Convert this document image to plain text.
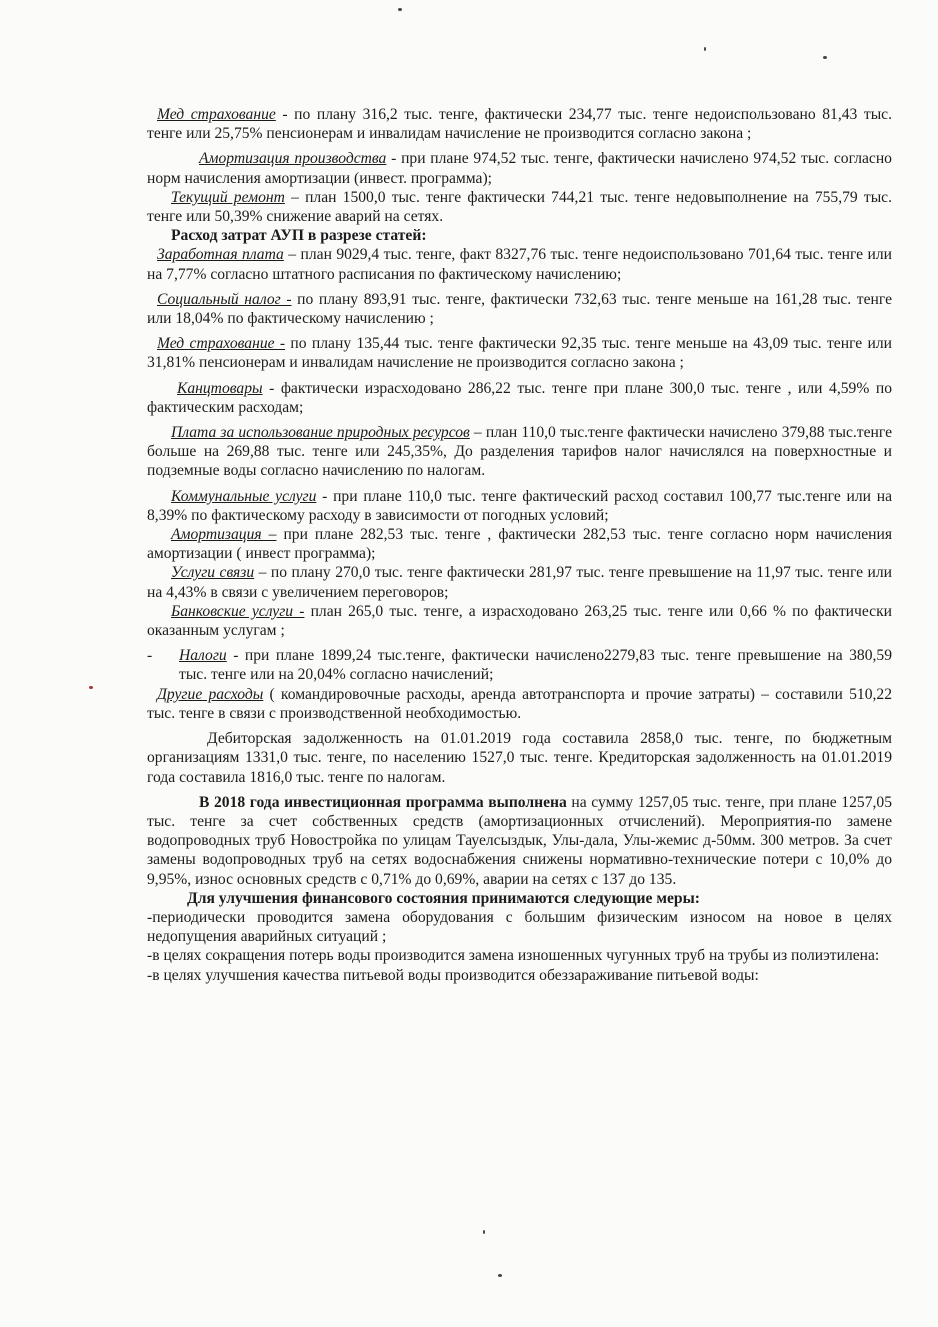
Мед страхование - по плану 316,2 тыс. тенге, фактически 234,77 тыс. тенге недоиспользовано 81,43 тыс. тенге или 25,75% пенсионерам и инвалидам начисление не производится согласно закона ;

Амортизация производства - при плане 974,52 тыс. тенге, фактически начислено 974,52 тыс. согласно норм начисления амортизации (инвест. программа);

Текущий ремонт – план 1500,0 тыс. тенге фактически 744,21 тыс. тенге недовыполнение на 755,79 тыс. тенге или 50,39% снижение аварий на сетях.

Расход затрат АУП в разрезе статей:

Заработная плата – план 9029,4 тыс. тенге, факт 8327,76 тыс. тенге недоиспользовано 701,64 тыс. тенге или на 7,77% согласно штатного расписания по фактическому начислению;

Социальный налог - по плану 893,91 тыс. тенге, фактически 732,63 тыс. тенге меньше на 161,28 тыс. тенге или 18,04% по фактическому начислению ;

Мед страхование - по плану 135,44 тыс. тенге фактически 92,35 тыс. тенге меньше на 43,09 тыс. тенге или 31,81% пенсионерам и инвалидам начисление не производится согласно закона ;

Канцтовары - фактически израсходовано 286,22 тыс. тенге при плане 300,0 тыс. тенге , или 4,59% по фактическим расходам;

Плата за использование природных ресурсов – план 110,0 тыс.тенге фактически начислено 379,88 тыс.тенге больше на 269,88 тыс. тенге или 245,35%, До разделения тарифов налог начислялся на поверхностные и подземные воды согласно начислению по налогам.

Коммунальные услуги - при плане 110,0 тыс. тенге фактический расход составил 100,77 тыс.тенге или на 8,39% по фактическому расходу в зависимости от погодных условий;

Амортизация – при плане 282,53 тыс. тенге , фактически 282,53 тыс. тенге согласно норм начисления амортизации ( инвест программа);

Услуги связи – по плану 270,0 тыс. тенге фактически 281,97 тыс. тенге превышение на 11,97 тыс. тенге или на 4,43% в связи с увеличением переговоров;

Банковские услуги - план 265,0 тыс. тенге, а израсходовано 263,25 тыс. тенге или 0,66 % по фактически оказанным услугам ;

-	Налоги - при плане 1899,24 тыс.тенге, фактически начислено2279,83 тыс. тенге превышение на 380,59 тыс. тенге или на 20,04% согласно начислений;

Другие расходы ( командировочные расходы, аренда автотранспорта и прочие затраты) – составили 510,22 тыс. тенге в связи с производственной необходимостью.

Дебиторская задолженность на 01.01.2019 года составила 2858,0 тыс. тенге, по бюджетным организациям 1331,0 тыс. тенге, по населению 1527,0 тыс. тенге. Кредиторская задолженность на 01.01.2019 года составила 1816,0 тыс. тенге по налогам.

В 2018 года инвестиционная программа выполнена на сумму 1257,05 тыс. тенге, при плане 1257,05 тыс. тенге за счет собственных средств (амортизационных отчислений). Мероприятия-по замене водопроводных труб Новостройка по улицам Тауелсыздык, Улы-дала, Улы-жемис д-50мм. 300 метров. За счет замены водопроводных труб на сетях водоснабжения снижены нормативно-технические потери с 10,0% до 9,95%, износ основных средств с 0,71% до 0,69%, аварии на сетях с 137 до 135.

Для улучшения финансового состояния принимаются следующие меры:

-периодически проводится замена оборудования с большим физическим износом на новое в целях недопущения аварийных ситуаций ;

-в целях сокращения потерь воды производится замена изношенных чугунных труб на трубы из полиэтилена:

-в целях улучшения качества питьевой воды производится обеззараживание питьевой воды:
